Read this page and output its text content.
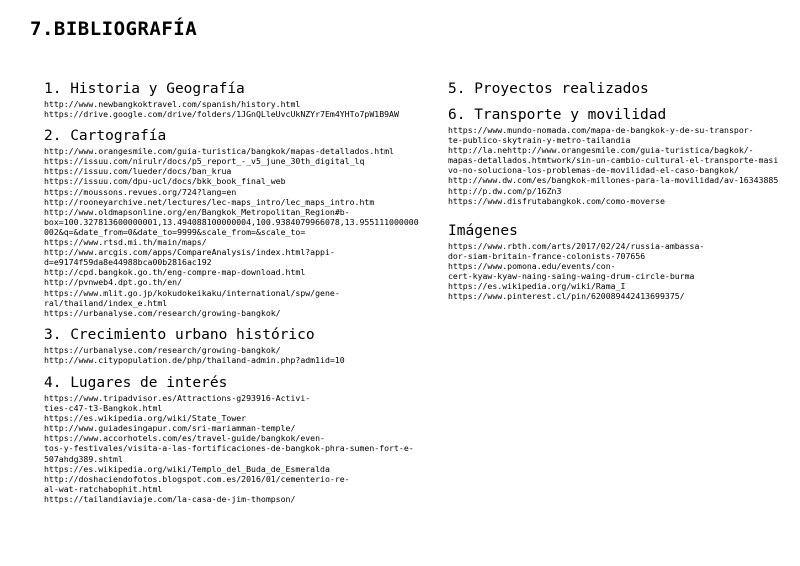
7.BIBLIOGRAFÍA
1. Historia y Geografía
http://www.newbangkoktravel.com/spanish/history.html
https://drive.google.com/drive/folders/1JGnQLleUvcUkNZYr7Em4YHTo7pW1B9AW
2. Cartografía
http://www.orangesmile.com/guia-turistica/bangkok/mapas-detallados.html
https://issuu.com/nirulr/docs/p5_report_-_v5_june_30th_digital_lq
https://issuu.com/lueder/docs/ban_krua
https://issuu.com/dpu-ucl/docs/bkk_book_final_web
https://moussons.revues.org/724?lang=en
http://rooneyarchive.net/lectures/lec-maps_intro/lec_maps_intro.htm
http://www.oldmapsonline.org/en/Bangkok_Metropolitan_Region#b-
box=100.327813600000001,13.494088100000004,100.9384079966078,13.955111000000
002&q=&date_from=0&date_to=9999&scale_from=&scale_to=
https://www.rtsd.mi.th/main/maps/
http://www.arcgis.com/apps/CompareAnalysis/index.html?appi-
d=e9174f59da8e44988bca00b2816ac192
http://cpd.bangkok.go.th/eng-compre-map-download.html
http://pvnweb4.dpt.go.th/en/
https://www.mlit.go.jp/kokudokeikaku/international/spw/gene-
ral/thailand/index_e.html
https://urbanalyse.com/research/growing-bangkok/
3. Crecimiento urbano histórico
https://urbanalyse.com/research/growing-bangkok/
http://www.citypopulation.de/php/thailand-admin.php?adm1id=10
4. Lugares de interés
https://www.tripadvisor.es/Attractions-g293916-Activi-
ties-c47-t3-Bangkok.html
https://es.wikipedia.org/wiki/State_Tower
http://www.guiadesingapur.com/sri-mariamman-temple/
https://www.accorhotels.com/es/travel-guide/bangkok/even-
tos-y-festivales/visita-a-las-fortificaciones-de-bangkok-phra-sumen-fort-e-
507ahdg389.shtml
https://es.wikipedia.org/wiki/Templo_del_Buda_de_Esmeralda
http://doshaciendofotos.blogspot.com.es/2016/01/cementerio-re-
al-wat-ratchabophit.html
https://tailandiaviaje.com/la-casa-de-jim-thompson/
5. Proyectos realizados
6. Transporte y movilidad
https://www.mundo-nomada.com/mapa-de-bangkok-y-de-su-transpor-
te-publico-skytrain-y-metro-tailandia
http://la.nehttp://www.orangesmile.com/guia-turistica/bagkok/-
mapas-detallados.htmtwork/sin-un-cambio-cultural-el-transporte-masi
vo-no-soluciona-los-problemas-de-movilidad-el-caso-bangkok/
http://www.dw.com/es/bangkok-millones-para-la-movilidad/av-16343885
http://p.dw.com/p/16Zn3
https://www.disfrutabangkok.com/como-moverse
Imágenes
https://www.rbth.com/arts/2017/02/24/russia-ambassa-
dor-siam-britain-france-colonists-707656
https://www.pomona.edu/events/con-
cert-kyaw-kyaw-naing-saing-waing-drum-circle-burma
https://es.wikipedia.org/wiki/Rama_I
https://www.pinterest.cl/pin/620089442413699375/
